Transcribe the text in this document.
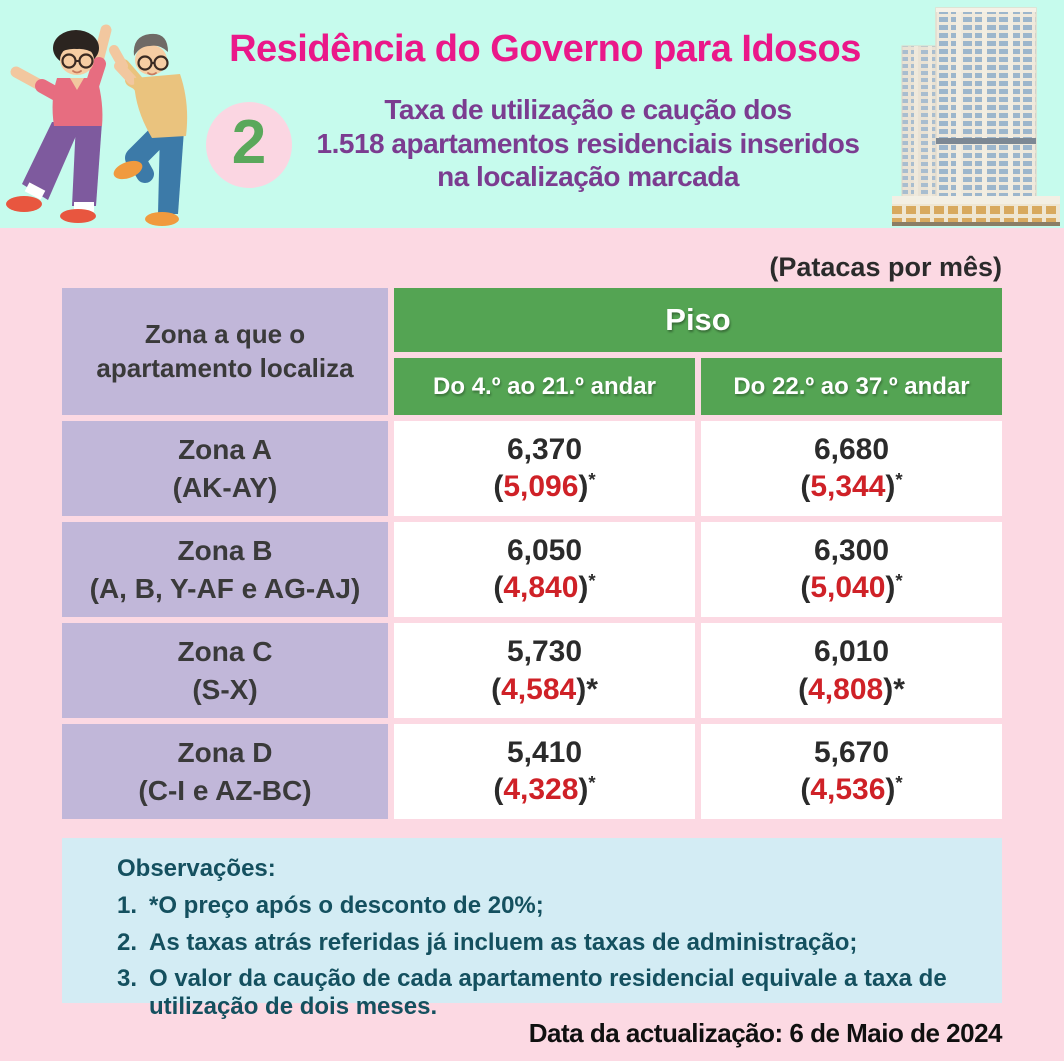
Residência do Governo para Idosos
2	Taxa de utilização e caução dos
1.518 apartamentos residenciais inseridos
na localização marcada
(Patacas por mês)
Zona a que o
apartamento localiza
Piso
Do 4.º ao 21.º andar	Do 22.º ao 37.º andar
Zona A
(AK-AY)
6,370
(5,096)*
6,680
(5,344)*
Zona B
(A, B, Y-AF e AG-AJ)
6,050
(4,840)*
6,300
(5,040)*
Zona C
(S-X)
5,730
(4,584)*
6,010
(4,808)*
Zona D
(C-I e AZ-BC)
5,410
(4,328)*
5,670
(4,536)*
Observações:
1. *O preço após o desconto de 20%;
2. As taxas atrás referidas já incluem as taxas de administração;
3. O valor da caução de cada apartamento residencial equivale a taxa de utilização de dois meses.
Data da actualização: 6 de Maio de 2024
